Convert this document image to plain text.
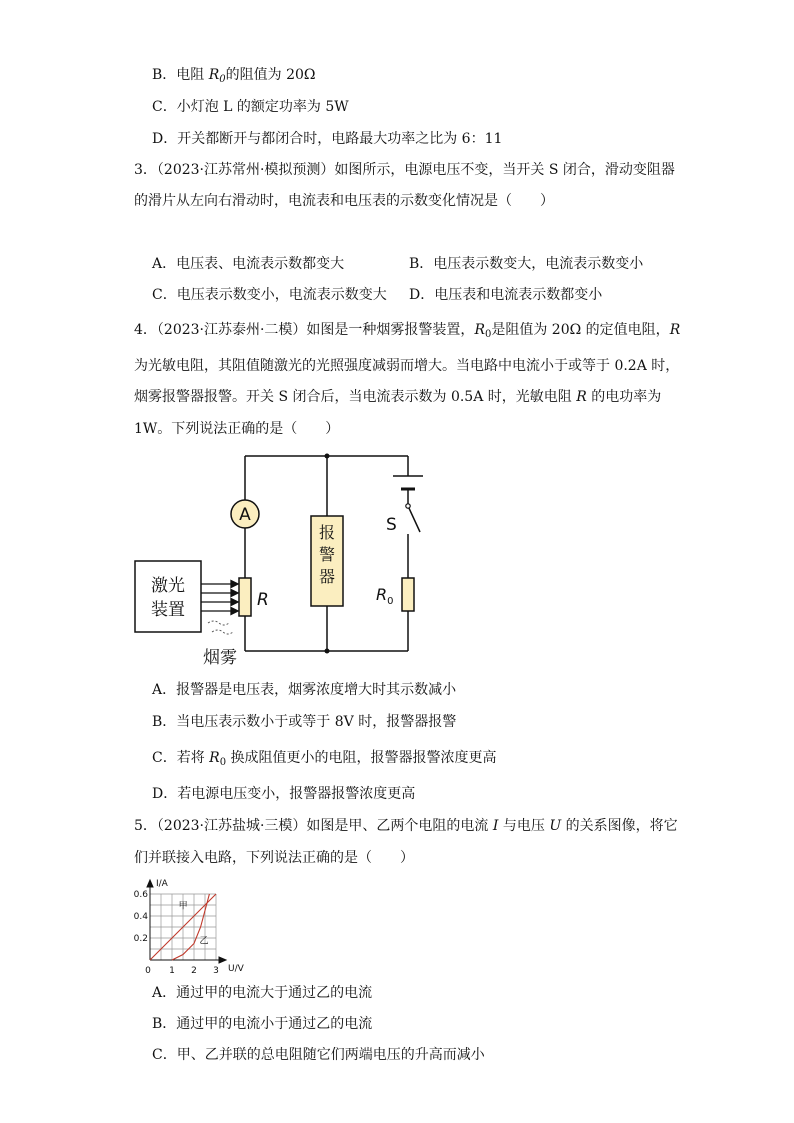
B．电阻 $R_0$的阻值为 20Ω
C．小灯泡 L 的额定功率为 5W
D．开关都断开与都闭合时，电路最大功率之比为 6：11
3．（2023·江苏常州·模拟预测）如图所示，电源电压不变，当开关 S 闭合，滑动变阻器
的滑片从左向右滑动时，电流表和电压表的示数变化情况是（　　）
A．电压表、电流表示数都变大	B．电压表示数变大，电流表示数变小
C．电压表示数变小，电流表示数变大 D．电压表和电流表示数都变小
4．（2023·江苏泰州·二模）如图是一种烟雾报警装置，$R_0$是阻值为 20Ω 的定值电阻，R
为光敏电阻，其阻值随激光的光照强度减弱而增大。当电路中电流小于或等于 0.2A 时，
烟雾报警器报警。开关 S 闭合后，当电流表示数为 0.5A 时，光敏电阻 R 的电功率为
1W。下列说法正确的是（　　）
S
A
R
报
警
器
$R_0$
激光
装置
烟雾
A．报警器是电压表，烟雾浓度增大时其示数减小
B．当电压表示数小于或等于 8V 时，报警器报警
C．若将 $R_0$ 换成阻值更小的电阻，报警器报警浓度更高
D．若电源电压变小，报警器报警浓度更高
5．（2023·江苏盐城·三模）如图是甲、乙两个电阻的电流 I 与电压 U 的关系图像，将它
们并联接入电路，下列说法正确的是（　　）
甲
乙
0 1 2 3
0.2
0.4
0.6
I/A
U/V
A．通过甲的电流大于通过乙的电流
B．通过甲的电流小于通过乙的电流
C．甲、乙并联的总电阻随它们两端电压的升高而减小
